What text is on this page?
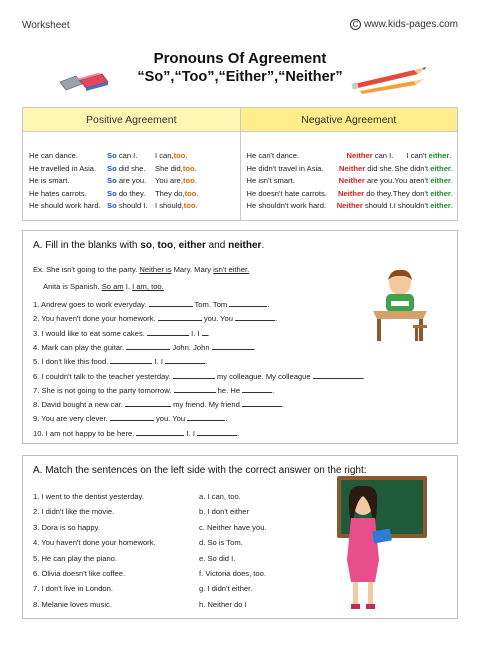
Worksheet	C www.kids-pages.com
Pronouns Of Agreement
“So”,“Too”,“Either”,“Neither”
Positive Agreement	Negative Agreement
He can dance.	So can I.	I can,too.
He travelled in Asia.	So did she.	She did,too.
He is smart.	So are you.	You are,too.
He hates carrots.	So do they.	They do,too.
He should work hard. So should I. I should,too.
He can't dance.	Neither can I.	I can't either.
He didn't travel in Asia.	Neither did she. She didn't either.
He isn't smart.	Neither are you. You aren't either.
He doesn't hate carrots.	Neither do they. They don't either.
He shouldn't work hard.	Neither should I. I shouldn't either.
A. Fill in the blanks with so, too, either and neither.
Ex. She isn't going to the party. Neither is Mary. Mary isn't either.
Anita is Spanish. So am I. I am, too.
1. Andrew goes to work everyday.	Tom. Tom	.
2. You haven't done your homework.	you. You	.
3. I would like to eat some cakes.	I. I .
4. Mark can play the guitar.	John. John	.
5. I don't like this food.	I. I	.
6. I couldn't talk to the teacher yesterday.	my colleague. My colleague	.
7. She is not going to the party tomorrow.	he. He	.
8. David bought a new car.	my friend. My friend	.
9. You are very clever.	you. You	.
10. I am not happy to be here.	I. I	.
A. Match the sentences on the left side with the correct answer on the right:
1. I went to the dentist yesterday.
2. I didn't like the movie.
3. Dora is so happy.
4. You haven't done your homework.
5. He can play the piano.
6. Olivia doesn't like coffee.
7. I don't live in London.
8. Melanie loves music.
a. I can, too.
b. I don't either
c. Neither have you.
d. So is Tom.
e. So did I.
f. Victoria does, too.
g. I didn't either.
h. Neither do I
